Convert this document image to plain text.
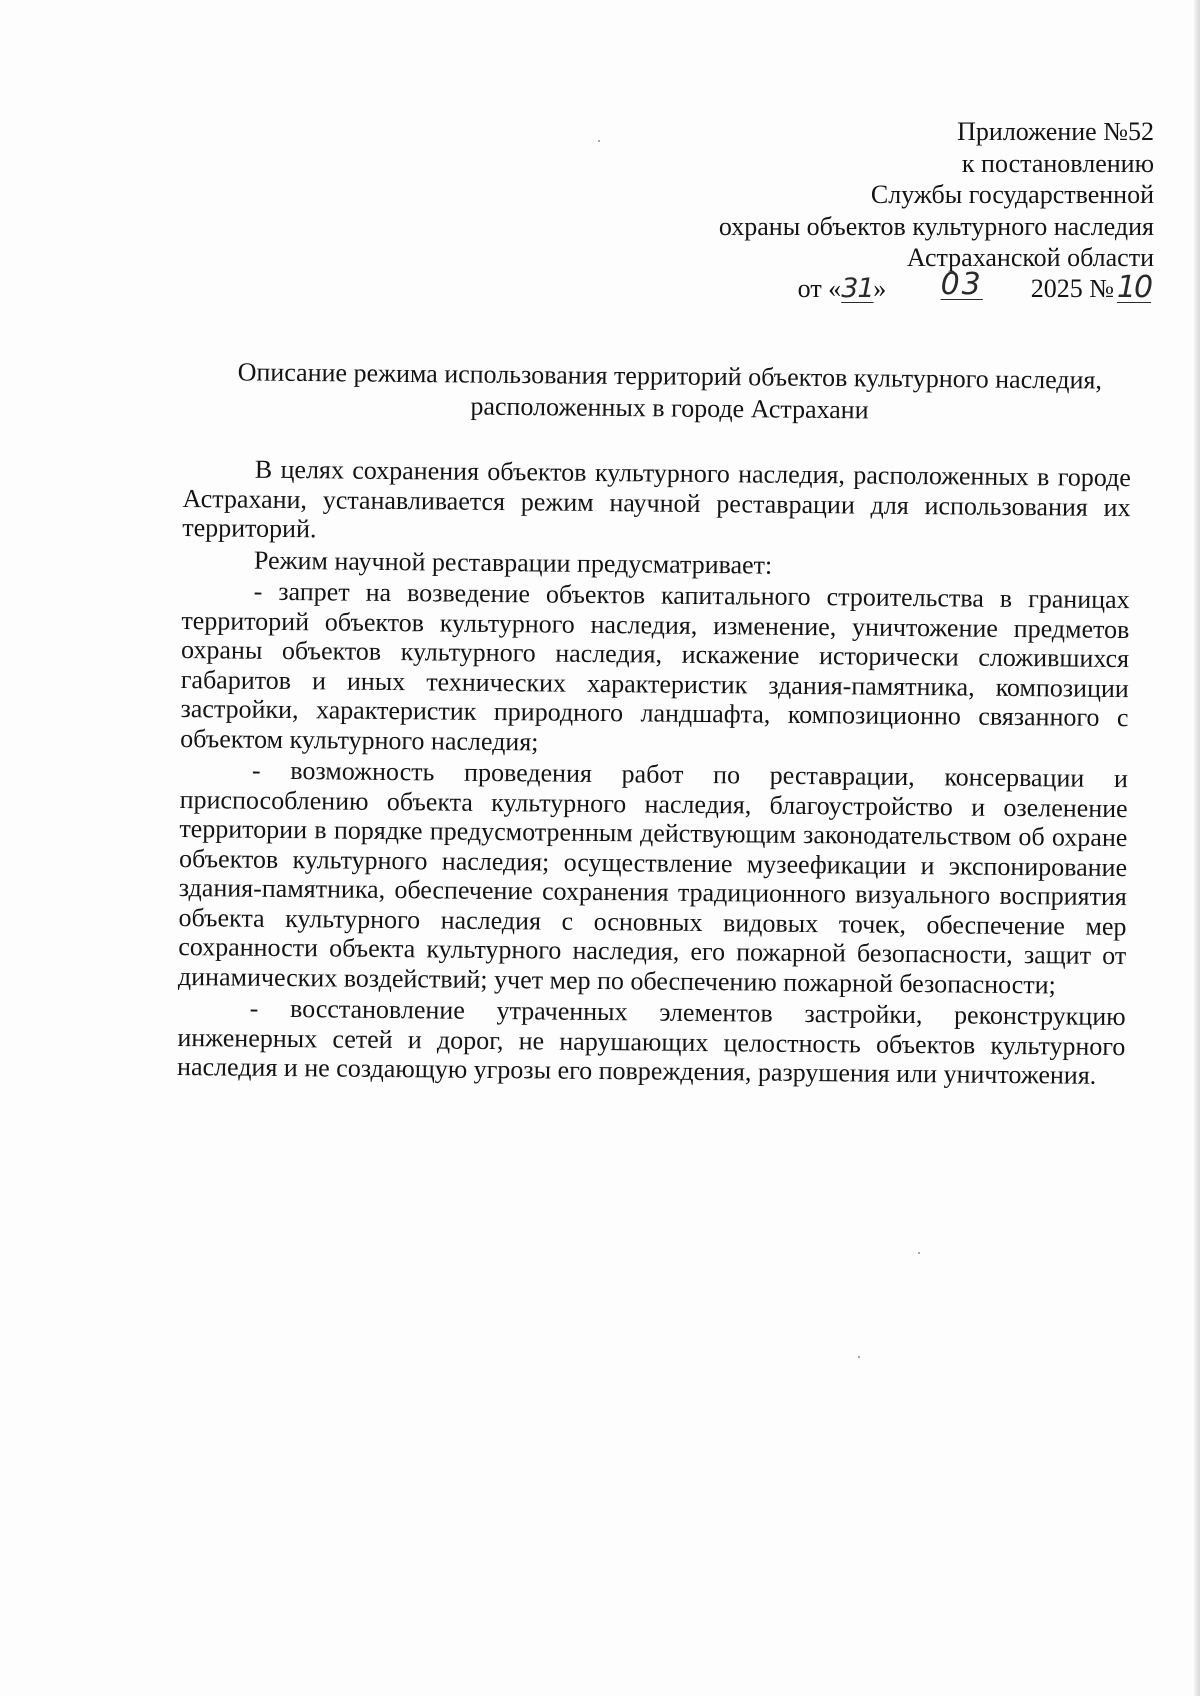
Приложение №52
к постановлению
Службы государственной
охраны объектов культурного наследия
Астраханской области
от «31» 03 2025 №10
Описание режима использования территорий объектов культурного наследия, расположенных в городе Астрахани

В целях сохранения объектов культурного наследия, расположенных в городе Астрахани, устанавливается режим научной реставрации для использования их территорий.

Режим научной реставрации предусматривает:

- запрет на возведение объектов капитального строительства в границах территорий объектов культурного наследия, изменение, уничтожение предметов охраны объектов культурного наследия, искажение исторически сложившихся габаритов и иных технических характеристик здания-памятника, композиции застройки, характеристик природного ландшафта, композиционно связанного с объектом культурного наследия;

- возможность проведения работ по реставрации, консервации и приспособлению объекта культурного наследия, благоустройство и озеленение территории в порядке предусмотренным действующим законодательством об охране объектов культурного наследия; осуществление музеефикации и экспонирование здания-памятника, обеспечение сохранения традиционного визуального восприятия объекта культурного наследия с основных видовых точек, обеспечение мер сохранности объекта культурного наследия, его пожарной безопасности, защит от динамических воздействий; учет мер по обеспечению пожарной безопасности;

- восстановление утраченных элементов застройки, реконструкцию инженерных сетей и дорог, не нарушающих целостность объектов культурного наследия и не создающую угрозы его повреждения, разрушения или уничтожения.
